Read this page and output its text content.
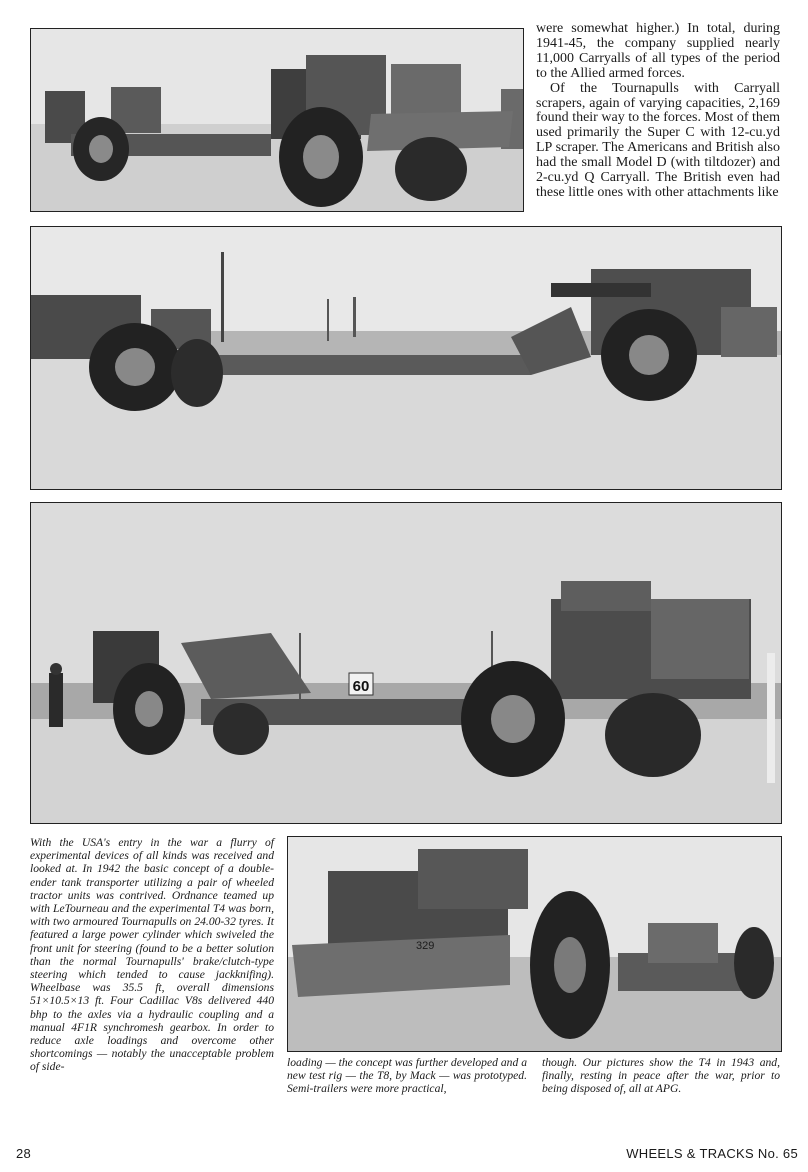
were somewhat higher.) In total, during 1941-45, the company supplied nearly 11,000 Carryalls of all types of the period to the Allied armed forces.

Of the Tournapulls with Carryall scrapers, again of varying capacities, 2,169 found their way to the forces. Most of them used primarily the Super C with 12-cu.yd LP scraper. The Americans and British also had the small Model D (with tiltdozer) and 2-cu.yd Q Carryall. The British even had these little ones with other attachments like

60

With the USA's entry in the war a flurry of experimental devices of all kinds was received and looked at. In 1942 the basic concept of a double-ender tank transporter utilizing a pair of wheeled tractor units was contrived. Ordnance teamed up with LeTourneau and the experimental T4 was born, with two armoured Tournapulls on 24.00-32 tyres. It featured a large power cylinder which swiveled the front unit for steering (found to be a better solution than the normal Tournapulls' brake/clutch-type steering which tended to cause jackknifing). Wheelbase was 35.5 ft, overall dimensions 51×10.5×13 ft. Four Cadillac V8s delivered 440 bhp to the axles via a hydraulic coupling and a manual 4F1R synchromesh gearbox. In order to reduce axle loadings and overcome other shortcomings — notably the unacceptable problem of side-

329

loading — the concept was further developed and a new test rig — the T8, by Mack — was prototyped. Semi-trailers were more practical,

though. Our pictures show the T4 in 1943 and, finally, resting in peace after the war, prior to being disposed of, all at APG.

28	WHEELS & TRACKS No. 65
